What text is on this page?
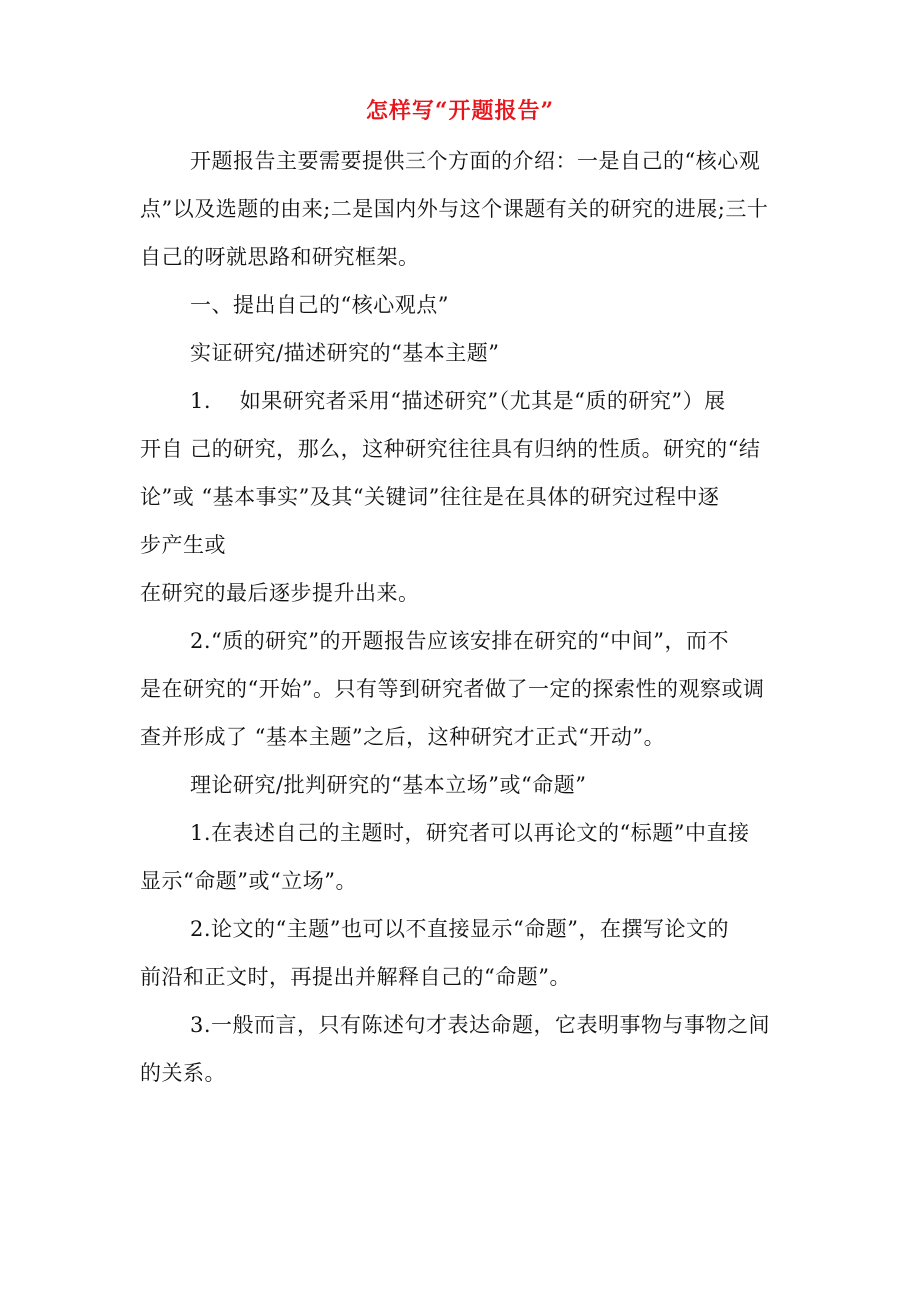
怎样写“开题报告”
开题报告主要需要提供三个方面的介绍：一是自己的“核心观
点”以及选题的由来;二是国内外与这个课题有关的研究的进展;三十
自己的呀就思路和研究框架。
一、提出自己的“核心观点”
实证研究/描述研究的“基本主题”
1.　 如果研究者采用“描述研究”（尤其是“质的研究”）展
开自 己的研究，那么，这种研究往往具有归纳的性质。研究的“结
论”或 “基本事实”及其“关键词”往往是在具体的研究过程中逐
步产生或
在研究的最后逐步提升出来。
2.“质的研究”的开题报告应该安排在研究的“中间”，而不
是在研究的“开始”。只有等到研究者做了一定的探索性的观察或调
查并形成了 “基本主题”之后，这种研究才正式“开动”。
理论研究/批判研究的“基本立场”或“命题”
1.在表述自己的主题时，研究者可以再论文的“标题”中直接
显示“命题”或“立场”。
2.论文的“主题”也可以不直接显示“命题”，在撰写论文的
前沿和正文时，再提出并解释自己的“命题”。
3.一般而言，只有陈述句才表达命题，它表明事物与事物之间
的关系。
